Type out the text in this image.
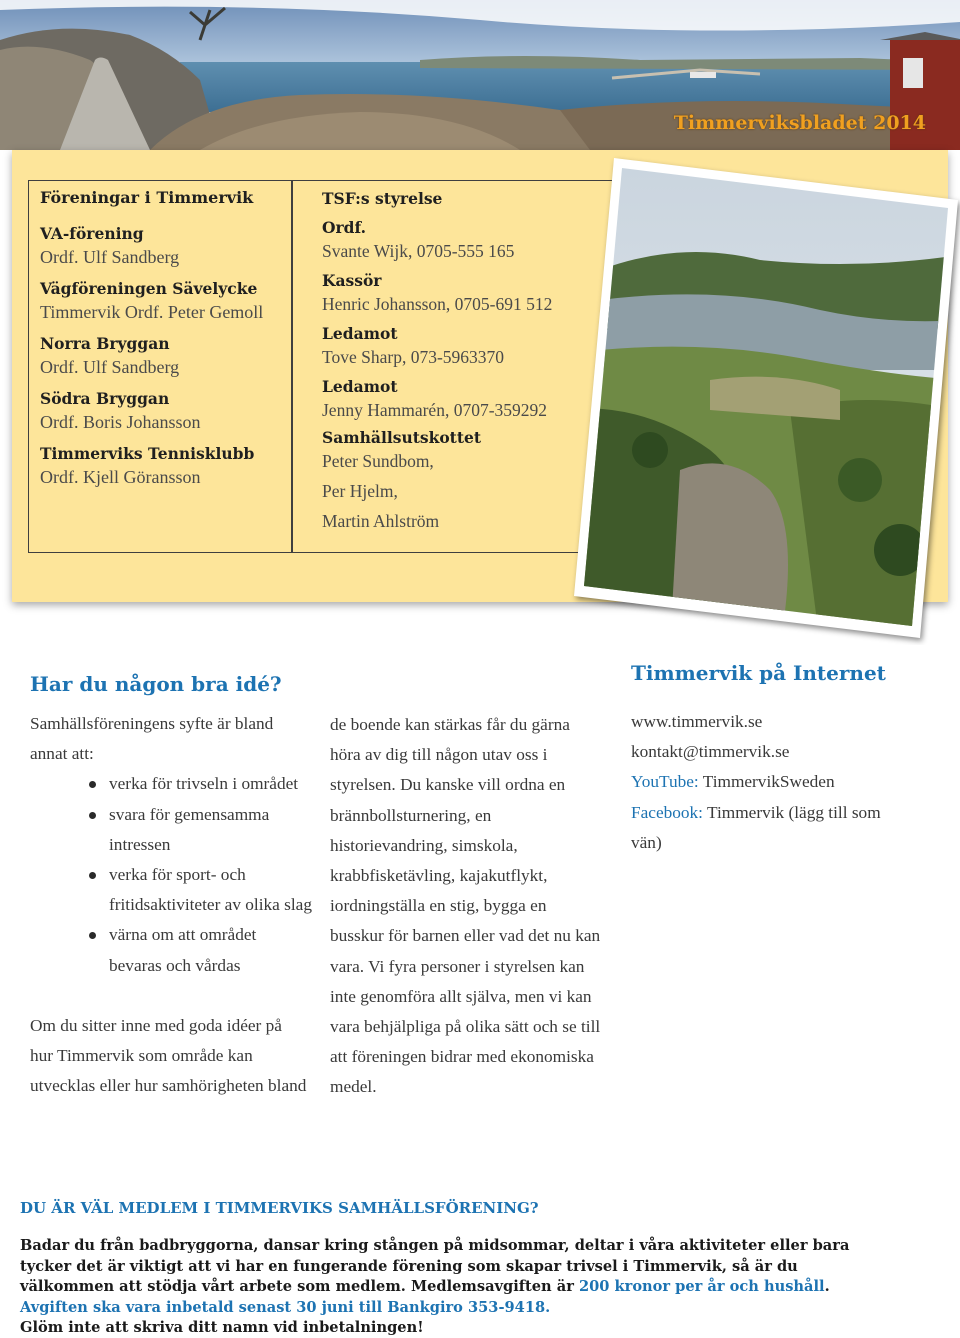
Timmerviksbladet 2014
Föreningar i Timmervik
VA-förening
Ordf. Ulf Sandberg
Vägföreningen Sävelycke
Timmervik Ordf. Peter Gemoll
Norra Bryggan
Ordf. Ulf Sandberg
Södra Bryggan
Ordf. Boris Johansson
Timmerviks Tennisklubb
Ordf. Kjell Göransson
TSF:s styrelse
Ordf.
Svante Wijk, 0705-555 165
Kassör
Henric Johansson, 0705-691 512
Ledamot
Tove Sharp, 073-5963370
Ledamot
Jenny Hammarén, 0707-359292
Samhällsutskottet
Peter Sundbom,
Per Hjelm,
Martin Ahlström
Har du någon bra idé?	Timmervik på Internet
Samhällsföreningens syfte är bland
annat att:
verka för trivseln i området
svara för gemensamma
intressen
verka för sport- och
fritidsaktiviteter av olika slag
värna om att området
bevaras och vårdas
Om du sitter inne med goda idéer på
hur Timmervik som område kan
utvecklas eller hur samhörigheten bland
de boende kan stärkas får du gärna
höra av dig till någon utav oss i
styrelsen. Du kanske vill ordna en
brännbollsturnering, en
historievandring, simskola,
krabbfisketävling, kajakutflykt,
iordningställa en stig, bygga en
busskur för barnen eller vad det nu kan
vara. Vi fyra personer i styrelsen kan
inte genomföra allt själva, men vi kan
vara behjälpliga på olika sätt och se till
att föreningen bidrar med ekonomiska
medel.
www.timmervik.se
kontakt@timmervik.se
YouTube: TimmervikSweden
Facebook: Timmervik (lägg till som
vän)
DU ÄR VÄL MEDLEM I TIMMERVIKS SAMHÄLLSFÖRENING?
Badar du från badbryggorna, dansar kring stången på midsommar, deltar i våra aktiviteter eller bara
tycker det är viktigt att vi har en fungerande förening som skapar trivsel i Timmervik, så är du
välkommen att stödja vårt arbete som medlem. Medlemsavgiften är 200 kronor per år och hushåll.
Avgiften ska vara inbetald senast 30 juni till Bankgiro 353-9418.
Glöm inte att skriva ditt namn vid inbetalningen!
